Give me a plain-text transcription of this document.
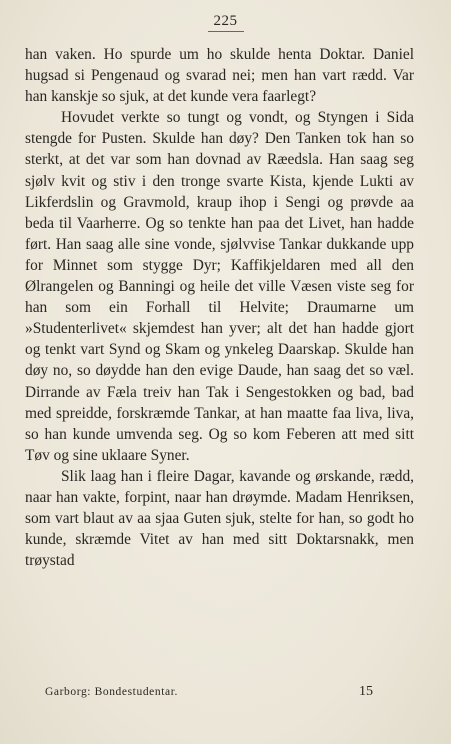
225

han vaken. Ho spurde um ho skulde henta Doktar. Daniel hugsad si Pengenaud og svarad nei; men han vart rædd. Var han kanskje so sjuk, at det kunde vera faarlegt?

Hovudet verkte so tungt og vondt, og Styngen i Sida stengde for Pusten. Skulde han døy? Den Tanken tok han so sterkt, at det var som han dovnad av Ræedsla. Han saag seg sjølv kvit og stiv i den tronge svarte Kista, kjende Lukti av Likferdslin og Gravmold, kraup ihop i Sengi og prøvde aa beda til Vaarherre. Og so tenkte han paa det Livet, han hadde ført. Han saag alle sine vonde, sjølvvise Tankar dukkande upp for Minnet som stygge Dyr; Kaffikjeldaren med all den Ølrangelen og Banningi og heile det ville Væsen viste seg for han som ein Forhall til Helvite; Draumarne um »Studenterlivet« skjemdest han yver; alt det han hadde gjort og tenkt vart Synd og Skam og ynkeleg Daarskap. Skulde han døy no, so døydde han den evige Daude, han saag det so væl. Dirrande av Fæla treiv han Tak i Sengestokken og bad, bad med spreidde, forskræmde Tankar, at han maatte faa liva, liva, so han kunde umvenda seg. Og so kom Feberen att med sitt Tøv og sine uklaare Syner.

Slik laag han i fleire Dagar, kavande og ørskande, rædd, naar han vakte, forpint, naar han drøymde. Madam Henriksen, som vart blaut av aa sjaa Guten sjuk, stelte for han, so godt ho kunde, skræmde Vitet av han med sitt Doktarsnakk, men trøystad

Garborg: Bondestudentar.	15
